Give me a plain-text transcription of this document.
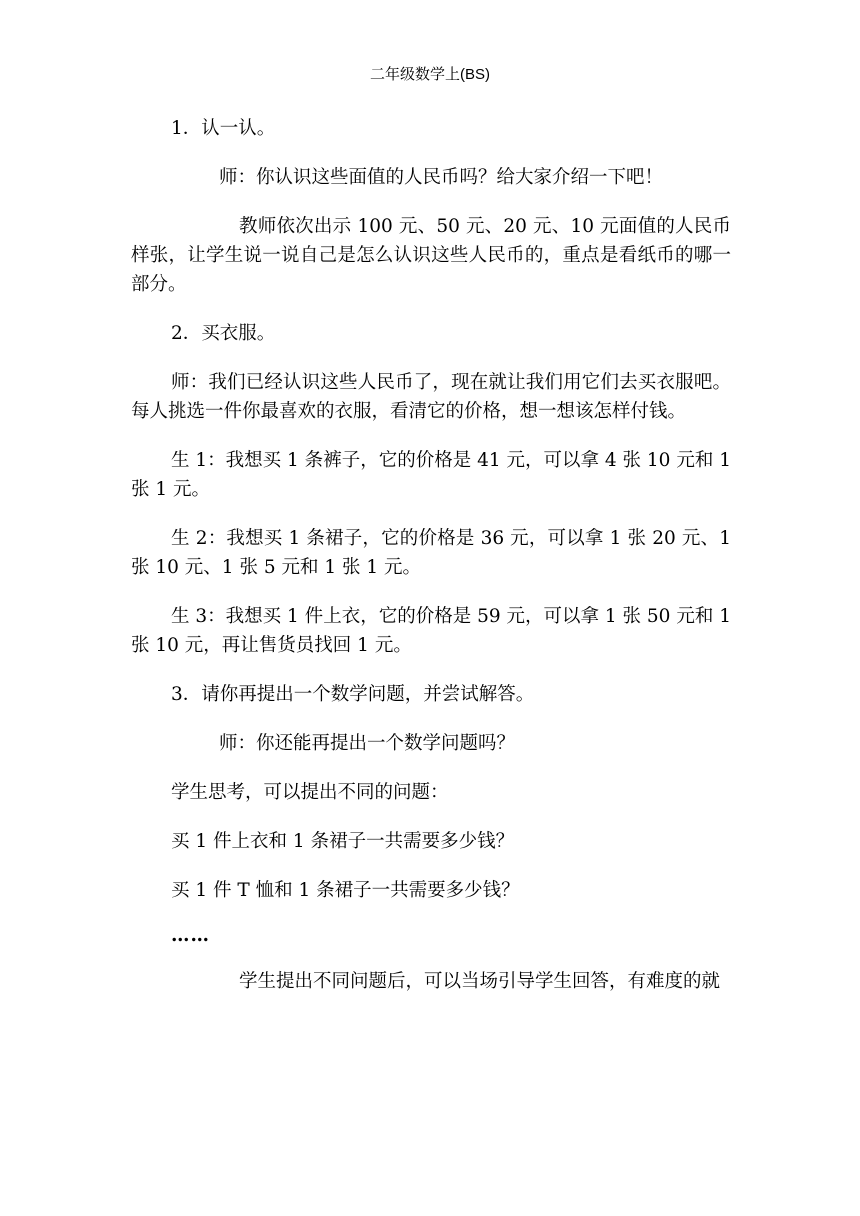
二年级数学上(BS)

1．认一认。

师：你认识这些面值的人民币吗？给大家介绍一下吧！

教师依次出示 100 元、50 元、20 元、10 元面值的人民币样张，让学生说一说自己是怎么认识这些人民币的，重点是看纸币的哪一部分。

2．买衣服。

师：我们已经认识这些人民币了，现在就让我们用它们去买衣服吧。每人挑选一件你最喜欢的衣服，看清它的价格，想一想该怎样付钱。

生 1：我想买 1 条裤子，它的价格是 41 元，可以拿 4 张 10 元和 1 张 1 元。

生 2：我想买 1 条裙子，它的价格是 36 元，可以拿 1 张 20 元、1 张 10 元、1 张 5 元和 1 张 1 元。

生 3：我想买 1 件上衣，它的价格是 59 元，可以拿 1 张 50 元和 1 张 10 元，再让售货员找回 1 元。

3．请你再提出一个数学问题，并尝试解答。

师：你还能再提出一个数学问题吗？

学生思考，可以提出不同的问题：

买 1 件上衣和 1 条裙子一共需要多少钱？

买 1 件 T 恤和 1 条裙子一共需要多少钱？

……

学生提出不同问题后，可以当场引导学生回答，有难度的就
